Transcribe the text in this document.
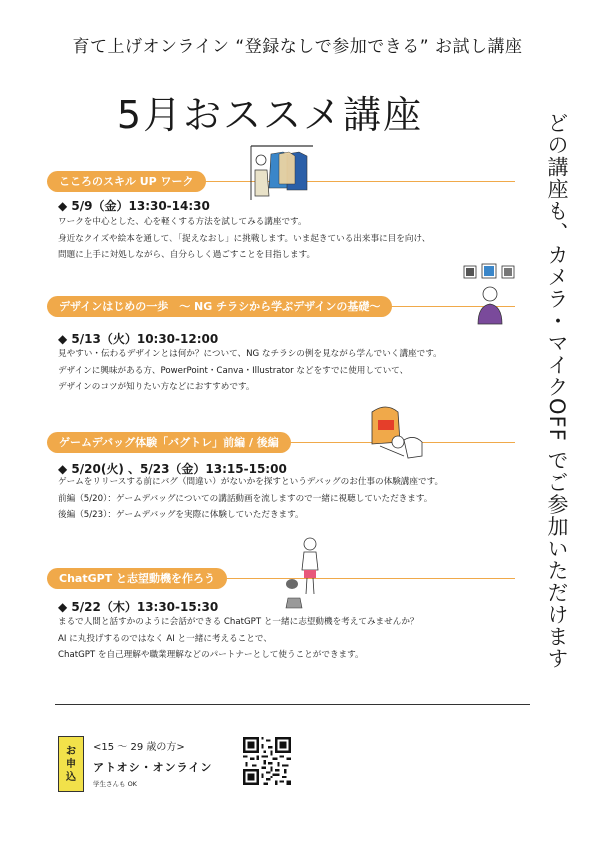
育て上げオンライン “登録なしで参加できる” お試し講座
5月おススメ講座	どの講座も、カメラ・マイクOFF でご参加いただけます
こころのスキル UP ワーク
◆ 5/9（金）13:30-14:30
ワークを中心とした、心を軽くする方法を試してみる講座です。
身近なクイズや絵本を通して､「捉えなおし」に挑戦します。いま起きている出来事に目を向け、
問題に上手に対処しながら、自分らしく過ごすことを目指します。
デザインはじめの一歩　～ NG チラシから学ぶデザインの基礎～
◆ 5/13（火）10:30-12:00
見やすい・伝わるデザインとは何か？について、NG なチラシの例を見ながら学んでいく講座です。
デザインに興味がある方、PowerPoint・Canva・Illustrator などをすでに使用していて、
デザインのコツが知りたい方などにおすすめです。
ゲームデバッグ体験「バグトレ」前編 / 後編
◆ 5/20(火) 、5/23（金）13:15-15:00
ゲームをリリースする前にバグ（間違い）がないかを探すというデバッグのお仕事の体験講座です。
前編（5/20）：ゲームデバッグについての講話動画を流しますので一緒に視聴していただきます。
後編（5/23）：ゲームデバッグを実際に体験していただきます。
ChatGPT と志望動機を作ろう
◆ 5/22（木）13:30-15:30
まるで人間と話すかのように会話ができる ChatGPT と一緒に志望動機を考えてみませんか？
AI に丸投げするのではなく AI と一緒に考えることで、
ChatGPT を自己理解や職業理解などのパートナーとして使うことができます。
お
申
込
<15 ～ 29 歳の方>
アトオシ・オンライン
学生さんも OK
